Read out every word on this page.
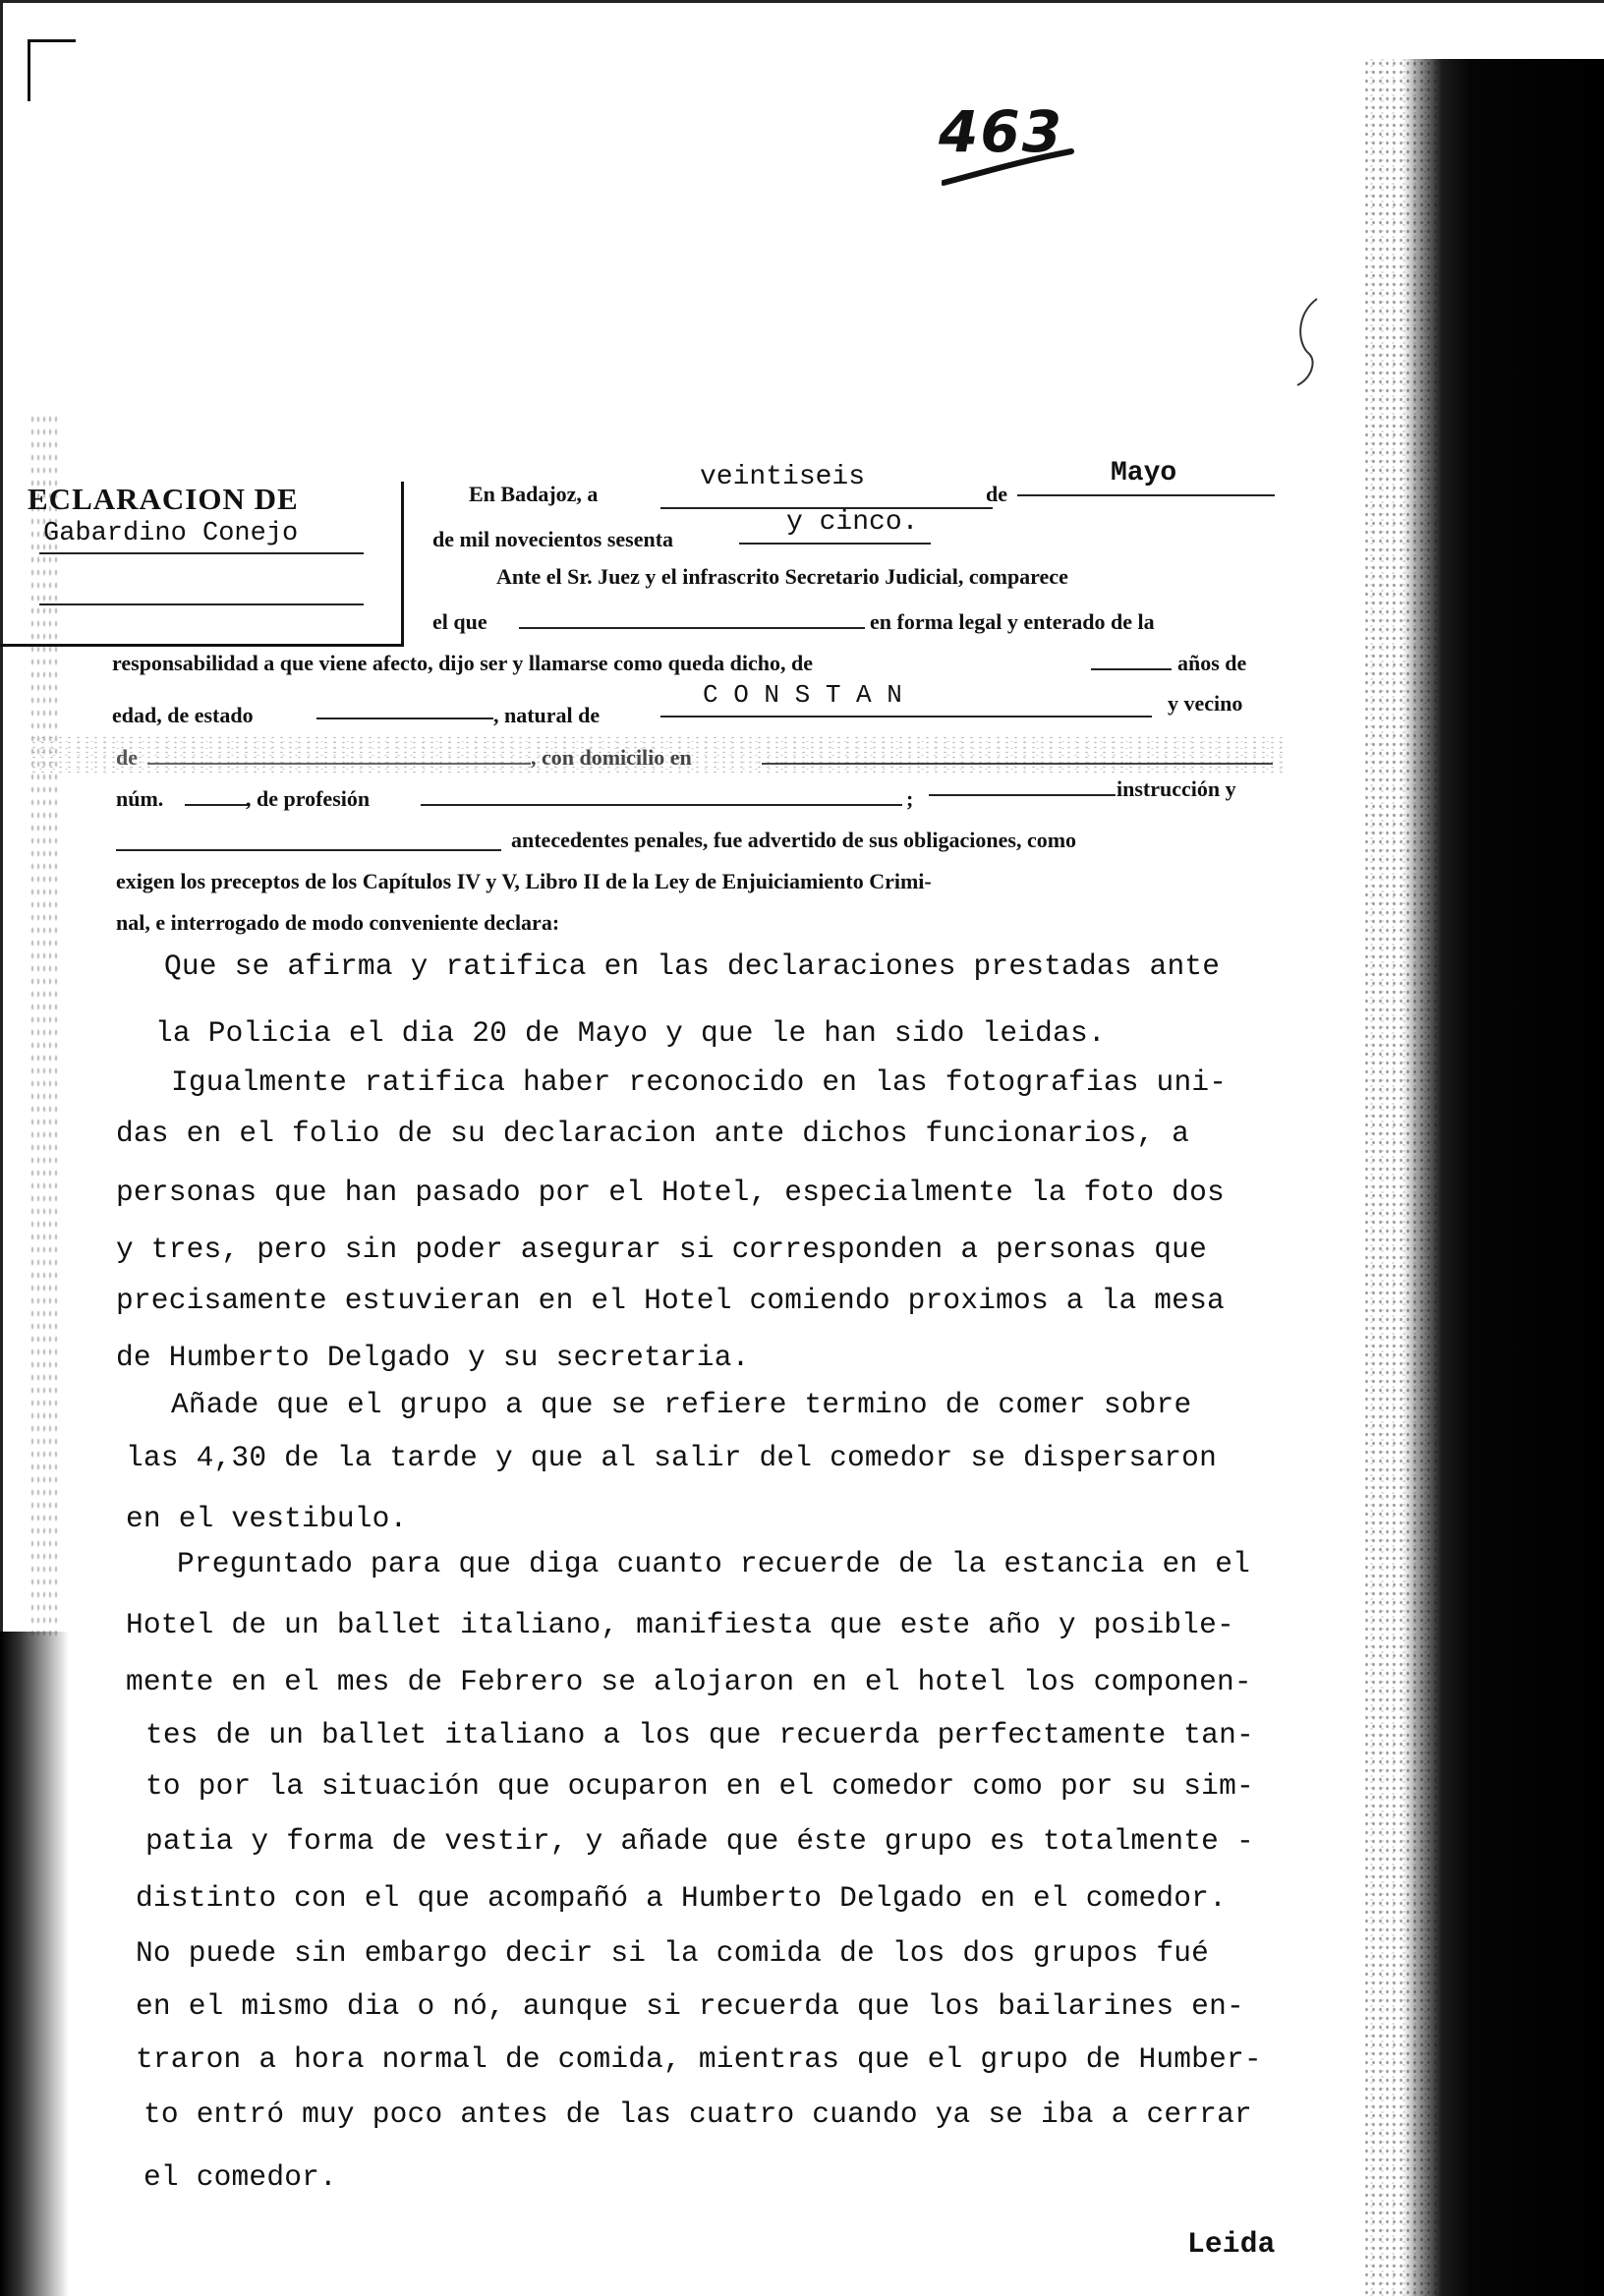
463
ECLARACION DE
Gabardino Conejo
En Badajoz, a
veintiseis
de
Mayo
de mil novecientos sesenta
y cinco.
Ante el Sr. Juez y el infrascrito Secretario Judicial, comparece
el que	en forma legal y enterado de la
responsabilidad a que viene afecto, dijo ser y llamarse como queda dicho, de	años de
edad, de estado	, natural de
C O N S T A N	y vecino
de	, con domicilio en
núm.	, de profesión	;	instrucción y
antecedentes penales, fue advertido de sus obligaciones, como
exigen los preceptos de los Capítulos IV y V, Libro II de la Ley de Enjuiciamiento Crimi-
nal, e interrogado de modo conveniente declara:
Que se afirma y ratifica en las declaraciones prestadas ante
la Policia el dia 20 de Mayo y que le han sido leidas.
Igualmente ratifica haber reconocido en las fotografias uni-
das en el folio de su declaracion ante dichos funcionarios, a
personas que han pasado por el Hotel, especialmente la foto dos
y tres, pero sin poder asegurar si corresponden a personas que
precisamente estuvieran en el Hotel comiendo proximos a la mesa
de Humberto Delgado y su secretaria.
Añade que el grupo a que se refiere termino de comer sobre
las 4,30 de la tarde y que al salir del comedor se dispersaron
en el vestibulo.
Preguntado para que diga cuanto recuerde de la estancia en el
Hotel de un ballet italiano, manifiesta que este año y posible-
mente en el mes de Febrero se alojaron en el hotel los componen-
tes de un ballet italiano a los que recuerda perfectamente tan-
to por la situación que ocuparon en el comedor como por su sim-
patia y forma de vestir, y añade que éste grupo es totalmente -
distinto con el que acompañó a Humberto Delgado en el comedor.
No puede sin embargo decir si la comida de los dos grupos fué
en el mismo dia o nó, aunque si recuerda que los bailarines en-
traron a hora normal de comida, mientras que el grupo de Humber-
to entró muy poco antes de las cuatro cuando ya se iba a cerrar
el comedor.
Leida
